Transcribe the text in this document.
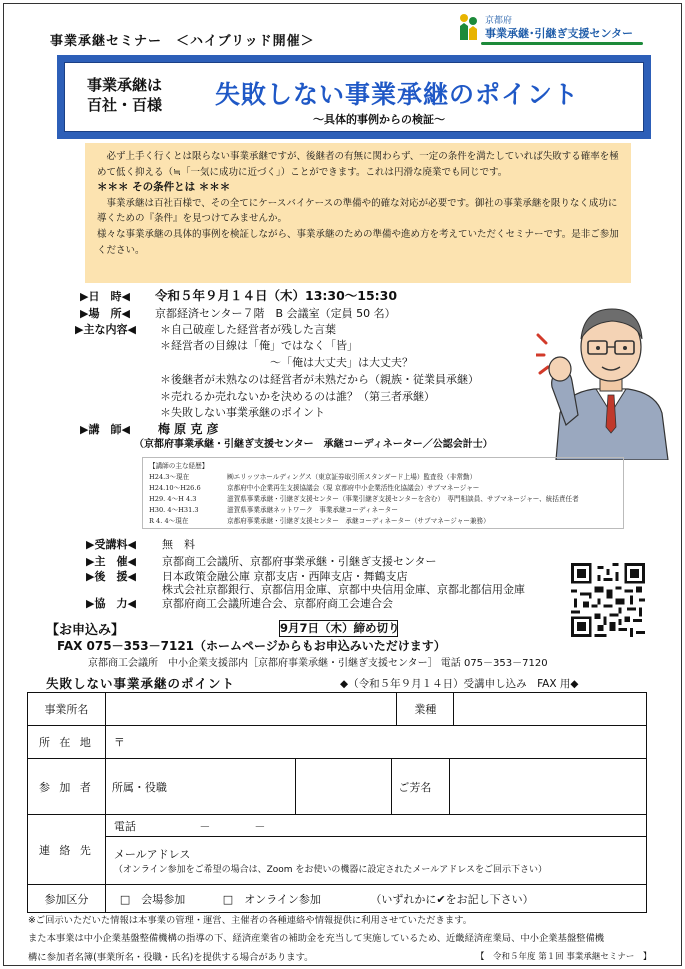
事業承継セミナー　＜ハイブリッド開催＞
京都府
事業承継･引継ぎ支援センター
事業承継は
百社・百様 失敗しない事業承継のポイント
～具体的事例からの検証～

必ず上手く行くとは限らない事業承継ですが、後継者の有無に関わらず、一定の条件を満たしていれば失敗する確率を極めて低く抑える（≒「一気に成功に近づく」）ことができます。これは円滑な廃業でも同じです。

＊＊＊ その条件とは ＊＊＊

事業承継は百社百様で、その全てにケースバイケースの準備や的確な対応が必要です。御社の事業承継を限りなく成功に導くための『条件』を見つけてみませんか。

様々な事業承継の具体的事例を検証しながら、事業承継のための準備や進め方を考えていただくセミナーです。是非ご参加ください。

▶日　時◀ 令和５年９月１４日（木）13:30～15:30
▶場　所◀ 京都経済センター７階　B 会議室（定員 50 名）
▶主な内容◀ ＊自己破産した経営者が残した言葉
＊経営者の目線は「俺」ではなく「皆」
～「俺は大丈夫」は大丈夫？
＊後継者が未熟なのは経営者が未熟だから（親族・従業員承継）
＊売れるか売れないかを決めるのは誰？（第三者承継）
＊失敗しない事業承継のポイント
▶講　師◀ 梅 原 克 彦
（京都府事業承継・引継ぎ支援センター　承継コーディネーター／公認会計士）
【講師の主な経歴】
H24.3～現在	㈱エリッツホールディングス（東京証券取引所スタンダード上場）監査役（非常勤）
H24.10～H26.6	京都府中小企業再生支援協議会（現 京都府中小企業活性化協議会）サブマネージャー
H29. 4～H 4.3	滋賀県事業承継・引継ぎ支援センター（事業引継ぎ支援センターを含む）　専門相談員、サブマネージャー、統括責任者
H30. 4～H31.3	滋賀県事業承継ネットワーク　事業承継コーディネーター
R 4. 4～現在	京都府事業承継・引継ぎ支援センター　承継コーディネーター（サブマネージャー兼務）
▶受講料◀ 無　料
▶主　催◀ 京都商工会議所、京都府事業承継・引継ぎ支援センター
▶後　援◀ 日本政策金融公庫 京都支店・西陣支店・舞鶴支店
株式会社京都銀行、京都信用金庫、京都中央信用金庫、京都北都信用金庫
▶協　力◀ 京都府商工会議所連合会、京都府商工会連合会
【お申込み】	9月7日（木）締め切り
FAX 075－353－7121（ホームページからもお申込みいただけます）
京都商工会議所　中小企業支援部内［京都府事業承継・引継ぎ支援センター］ 電話 075－353－7120
失敗しない事業承継のポイント	◆（令和５年９月１４日）受講申し込み　FAX 用◆
事業所名		業種	
所 在 地	〒
参 加 者	所属・役職		ご芳名	

連 絡 先	電話	－　　　　－

メールアドレス
（オンライン参加をご希望の場合は、Zoom をお使いの機器に設定されたメールアドレスをご回示下さい）

参加区分	□　会場参加	□　オンライン参加	（いずれかに✔をお記し下さい）
※ご回示いただいた情報は本事業の管理・運営、主催者の各種連絡や情報提供に利用させていただきます。
また本事業は中小企業基盤整備機構の指導の下、経済産業省の補助金を充当して実施しているため、近畿経済産業局、中小企業基盤整備機
構に参加者名簿(事業所名・役職・氏名)を提供する場合があります。	【　令和５年度 第１回 事業承継セミナー　】
